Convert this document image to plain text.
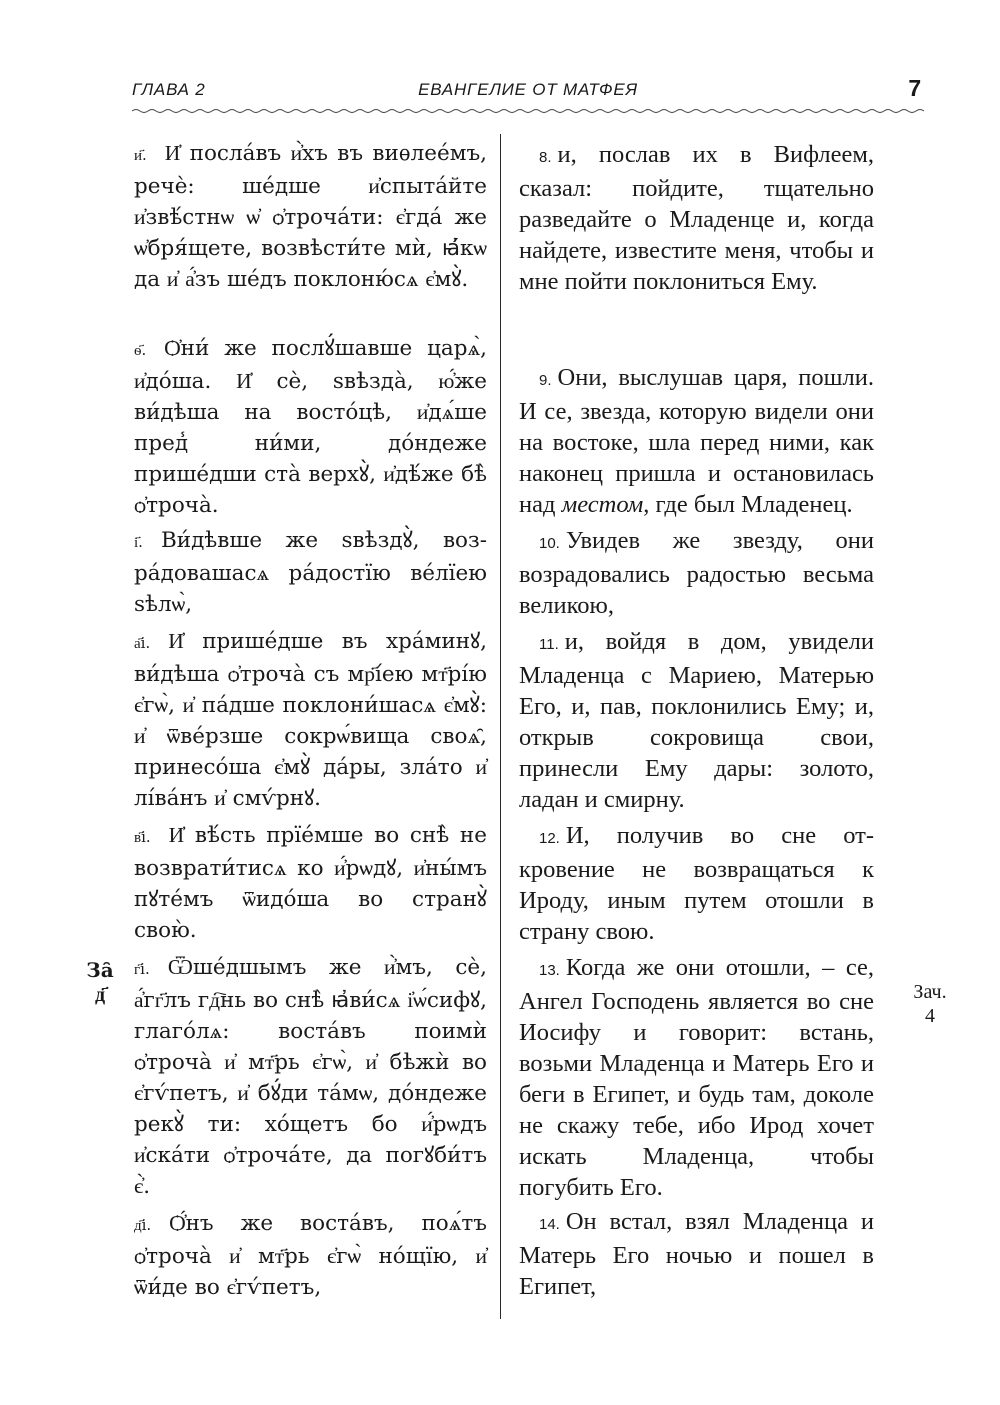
ГЛАВА 2	ЕВАНГЕЛИЕ ОТ МАТФЕЯ	7
и҃. И҆ посла́въ и҆̀хъ въ виѳлее́мъ, речѐ: ше́дше и҆спыта́йте и҆звѣ́стнѡ ѡ҆ ѻ҆троча́ти: є҆гда́ же ѡ҆бря́щете, возвѣсти́те мѝ, ꙗ҆́кѡ да и҆ а҆́зъ ше́дъ поклоню́сѧ є҆мꙋ̀.
ѳ҃. Ѻ҆ни́ же послꙋ́шавше царѧ̀, и҆до́ша. И҆ сѐ, ѕвѣзда̀, ю҆́же ви́дѣша на восто́цѣ, и҆дѧ́ше пред̾ ни́ми, до́ндеже прише́дши ста̀ верхꙋ̀, и҆дѣ́же бѣ̀ ѻ҆троча̀.
і҃. Ви́дѣвше же ѕвѣздꙋ̀, возра́довашасѧ ра́достїю ве́лїею ѕѣлѡ̀,
а҃і. И҆ прише́дше въ хра́минꙋ, ви́дѣша ѻ҆троча̀ съ мр҃і́ею мт҃рі́ю є҆гѡ̀, и҆ па́дше поклони́шасѧ є҆мꙋ̀: и҆ ѿве́рзше сокрѡ́вища своѧ̑, принесо́ша є҆мꙋ̀ да́ры, зла́то и҆ лі́ва́нъ и҆ смѵ́рнꙋ.
в҃і. И҆ вѣ́сть прїе́мше во снѣ̀ не возврати́тисѧ ко и҆́рѡдꙋ, и҆ны́мъ пꙋте́мъ ѿидо́ша во странꙋ̀ свою̀.
г҃і. Ѿше́дшымъ же и҆̀мъ, сѐ, а҆́гг҃лъ гд҇нь во снѣ̀ ꙗ҆ви́сѧ і҆ѡ́сифꙋ, глаго́лѧ: воста́въ поимѝ ѻ҆троча̀ и҆ мт҃рь є҆гѡ̀, и҆ бѣжѝ во є҆гѵ́петъ, и҆ бꙋ́ди та́мѡ, до́ндеже рекꙋ̀ ти: хо́щетъ бо и҆́рѡдъ и҆ска́ти ѻ҆троча́те, да погꙋби́тъ є҆̀.
д҃і. Ѻ҆́нъ же воста́въ, поѧ́тъ ѻ҆троча̀ и҆ мт҃рь є҆гѡ̀ но́щїю, и҆ ѿи́де во є҆гѵ́петъ,
8. и, послав их в Вифлеем, сказал: пойдите, тщательно разведайте о Младенце и, когда найдете, известите меня, чтобы и мне пойти поклониться Ему.
9. Они, выслушав царя, пошли. И се, звезда, которую видели они на востоке, шла перед ними, как наконец пришла и остановилась над местом, где был Младенец.
10. Увидев же звезду, они возрадовались радостью весьма великою,
11. и, войдя в дом, увидели Младенца с Мариею, Матерью Его, и, пав, поклонились Ему; и, открыв сокровища свои, принесли Ему дары: золото, ладан и смирну.
12. И, получив во сне откровение не возвращаться к Ироду, иным путем отошли в страну свою.
13. Когда же они отошли, – се, Ангел Господень является во сне Иосифу и говорит: встань, возьми Младенца и Матерь Его и беги в Египет, и будь там, доколе не скажу тебе, ибо Ирод хочет искать Младенца, чтобы погубить Его.
14. Он встал, взял Младенца и Матерь Его ночью и пошел в Египет,
За̑ д҃	Зач.
4
